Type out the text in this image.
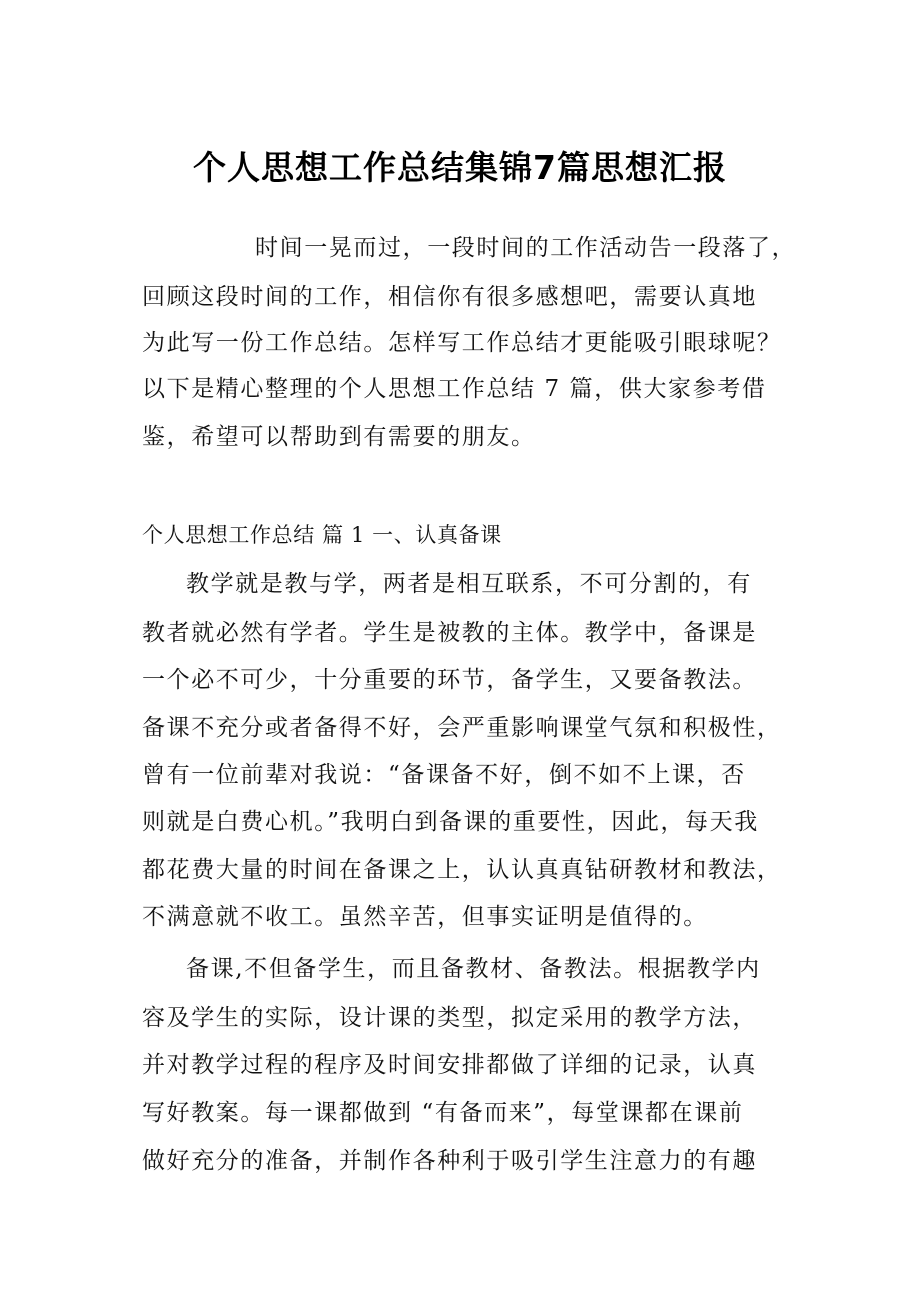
个人思想工作总结集锦7篇思想汇报
时间一晃而过，一段时间的工作活动告一段落了，
回顾这段时间的工作，相信你有很多感想吧，需要认真地
为此写一份工作总结。怎样写工作总结才更能吸引眼球呢？
以下是精心整理的个人思想工作总结 7 篇，供大家参考借
鉴，希望可以帮助到有需要的朋友。
个人思想工作总结 篇 1 一、认真备课
教学就是教与学，两者是相互联系，不可分割的，有
教者就必然有学者。学生是被教的主体。教学中，备课是
一个必不可少，十分重要的环节，备学生，又要备教法。
备课不充分或者备得不好，会严重影响课堂气氛和积极性，
曾有一位前辈对我说：“备课备不好，倒不如不上课，否
则就是白费心机。”我明白到备课的重要性，因此，每天我
都花费大量的时间在备课之上，认认真真钻研教材和教法，
不满意就不收工。虽然辛苦，但事实证明是值得的。
备课,不但备学生，而且备教材、备教法。根据教学内
容及学生的实际，设计课的类型，拟定采用的教学方法，
并对教学过程的程序及时间安排都做了详细的记录，认真
写好教案。每一课都做到 “有备而来”，每堂课都在课前
做好充分的准备，并制作各种利于吸引学生注意力的有趣
